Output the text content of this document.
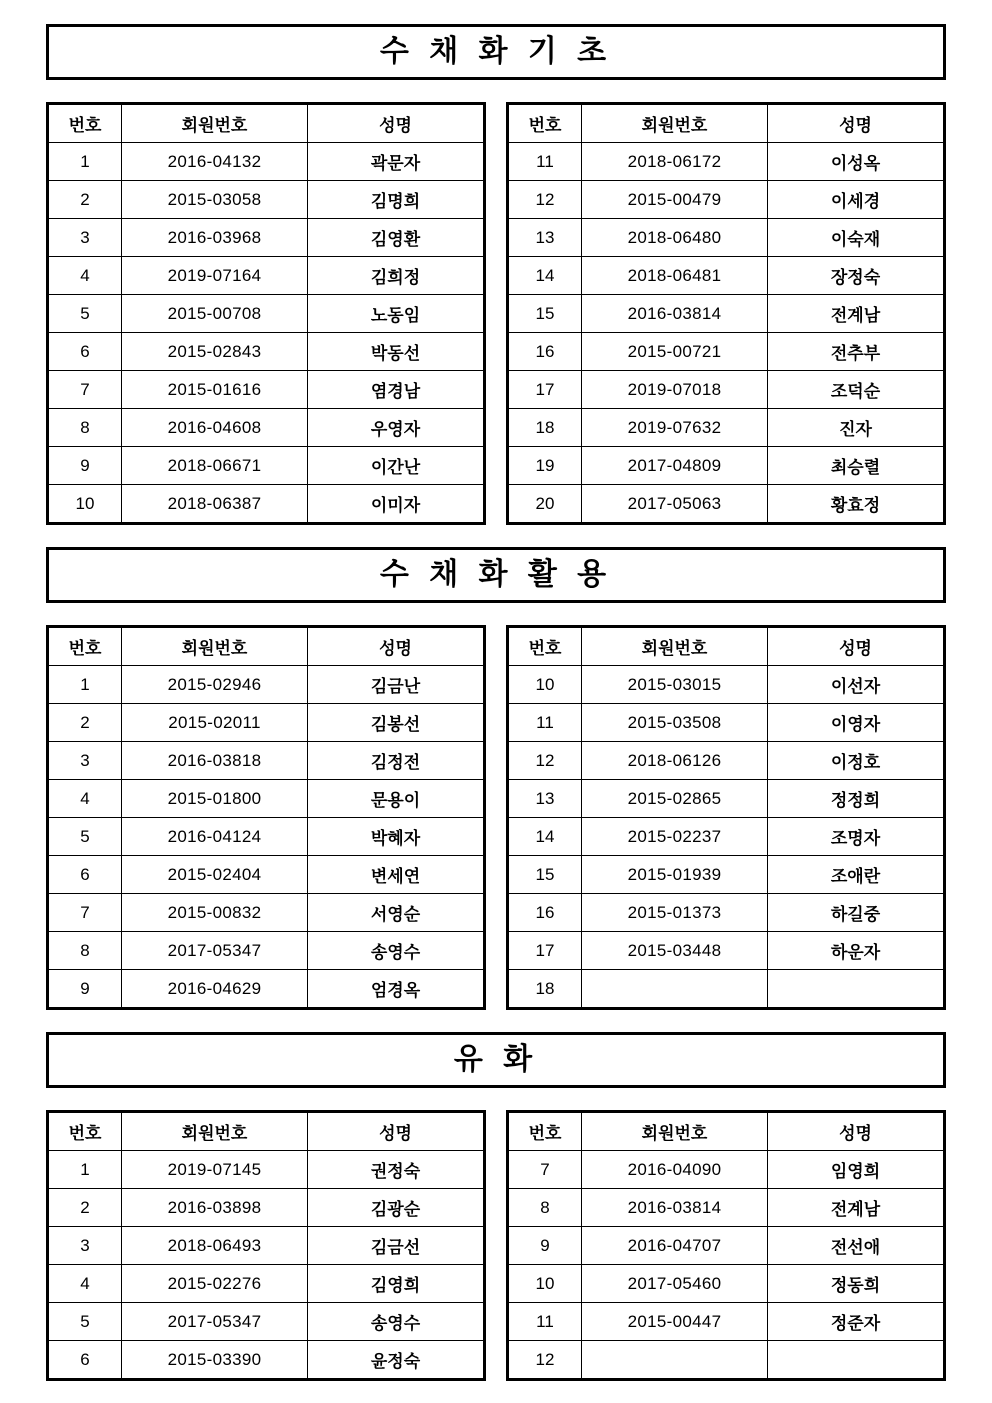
수 채 화 기 초
번호	회원번호	성명
1	2016-04132	곽문자
2	2015-03058	김명희
3	2016-03968	김영환
4	2019-07164	김희정
5	2015-00708	노동임
6	2015-02843	박동선
7	2015-01616	염경남
8	2016-04608	우영자
9	2018-06671	이간난
10	2018-06387	이미자
번호	회원번호	성명
11	2018-06172	이성옥
12	2015-00479	이세경
13	2018-06480	이숙재
14	2018-06481	장정숙
15	2016-03814	전계남
16	2015-00721	전추부
17	2019-07018	조덕순
18	2019-07632	진자
19	2017-04809	최승렬
20	2017-05063	황효정
수 채 화 활 용
번호	회원번호	성명
1	2015-02946	김금난
2	2015-02011	김봉선
3	2016-03818	김정전
4	2015-01800	문용이
5	2016-04124	박혜자
6	2015-02404	변세연
7	2015-00832	서영순
8	2017-05347	송영수
9	2016-04629	엄경옥
번호	회원번호	성명
10	2015-03015	이선자
11	2015-03508	이영자
12	2018-06126	이정호
13	2015-02865	정정희
14	2015-02237	조명자
15	2015-01939	조애란
16	2015-01373	하길중
17	2015-03448	하운자
18		
유 화
번호	회원번호	성명
1	2019-07145	권정숙
2	2016-03898	김광순
3	2018-06493	김금선
4	2015-02276	김영희
5	2017-05347	송영수
6	2015-03390	윤정숙
번호	회원번호	성명
7	2016-04090	임영희
8	2016-03814	전계남
9	2016-04707	전선애
10	2017-05460	정동희
11	2015-00447	정준자
12		
